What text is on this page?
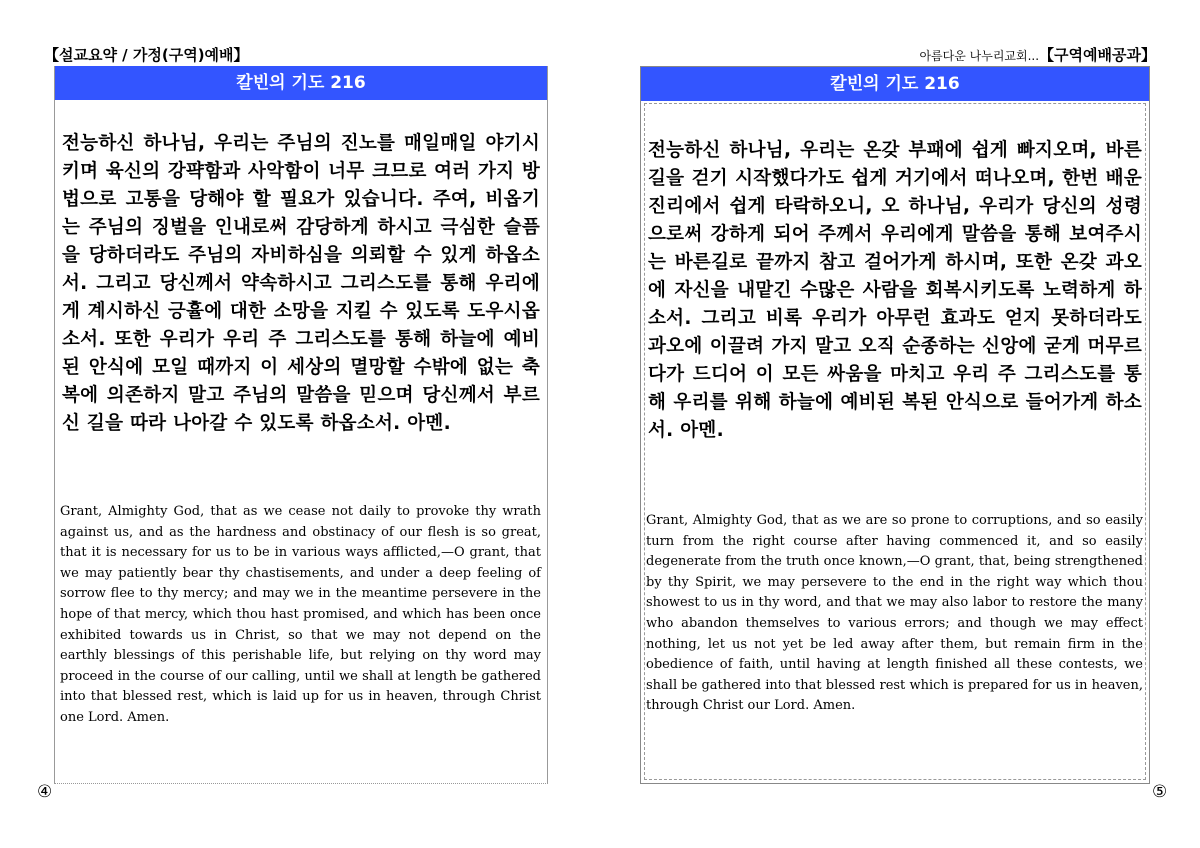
【설교요약 / 가정(구역)예배】	아름다운 나누리교회...【구역예배공과】
칼빈의 기도 216
전능하신 하나님, 우리는 주님의 진노를 매일매일 야기시키며 육신의 강퍅함과 사악함이 너무 크므로 여러 가지 방법으로 고통을 당해야 할 필요가 있습니다. 주여, 비옵기는 주님의 징벌을 인내로써 감당하게 하시고 극심한 슬픔을 당하더라도 주님의 자비하심을 의뢰할 수 있게 하옵소서. 그리고 당신께서 약속하시고 그리스도를 통해 우리에게 계시하신 긍휼에 대한 소망을 지킬 수 있도록 도우시옵소서. 또한 우리가 우리 주 그리스도를 통해 하늘에 예비된 안식에 모일 때까지 이 세상의 멸망할 수밖에 없는 축복에 의존하지 말고 주님의 말씀을 믿으며 당신께서 부르신 길을 따라 나아갈 수 있도록 하옵소서. 아멘.
Grant, Almighty God, that as we cease not daily to provoke thy wrath against us, and as the hardness and obstinacy of our flesh is so great, that it is necessary for us to be in various ways afflicted,—O grant, that we may patiently bear thy chastisements, and under a deep feeling of sorrow flee to thy mercy; and may we in the meantime persevere in the hope of that mercy, which thou hast promised, and which has been once exhibited towards us in Christ, so that we may not depend on the earthly blessings of this perishable life, but relying on thy word may proceed in the course of our calling, until we shall at length be gathered into that blessed rest, which is laid up for us in heaven, through Christ one Lord. Amen.
④
칼빈의 기도 216
전능하신 하나님, 우리는 온갖 부패에 쉽게 빠지오며, 바른길을 걷기 시작했다가도 쉽게 거기에서 떠나오며, 한번 배운 진리에서 쉽게 타락하오니, 오 하나님, 우리가 당신의 성령으로써 강하게 되어 주께서 우리에게 말씀을 통해 보여주시는 바른길로 끝까지 참고 걸어가게 하시며, 또한 온갖 과오에 자신을 내맡긴 수많은 사람을 회복시키도록 노력하게 하소서. 그리고 비록 우리가 아무런 효과도 얻지 못하더라도 과오에 이끌려 가지 말고 오직 순종하는 신앙에 굳게 머무르다가 드디어 이 모든 싸움을 마치고 우리 주 그리스도를 통해 우리를 위해 하늘에 예비된 복된 안식으로 들어가게 하소서. 아멘.
Grant, Almighty God, that as we are so prone to corruptions, and so easily turn from the right course after having commenced it, and so easily degenerate from the truth once known,—O grant, that, being strengthened by thy Spirit, we may persevere to the end in the right way which thou showest to us in thy word, and that we may also labor to restore the many who abandon themselves to various errors; and though we may effect nothing, let us not yet be led away after them, but remain firm in the obedience of faith, until having at length finished all these contests, we shall be gathered into that blessed rest which is prepared for us in heaven, through Christ our Lord. Amen.
⑤
